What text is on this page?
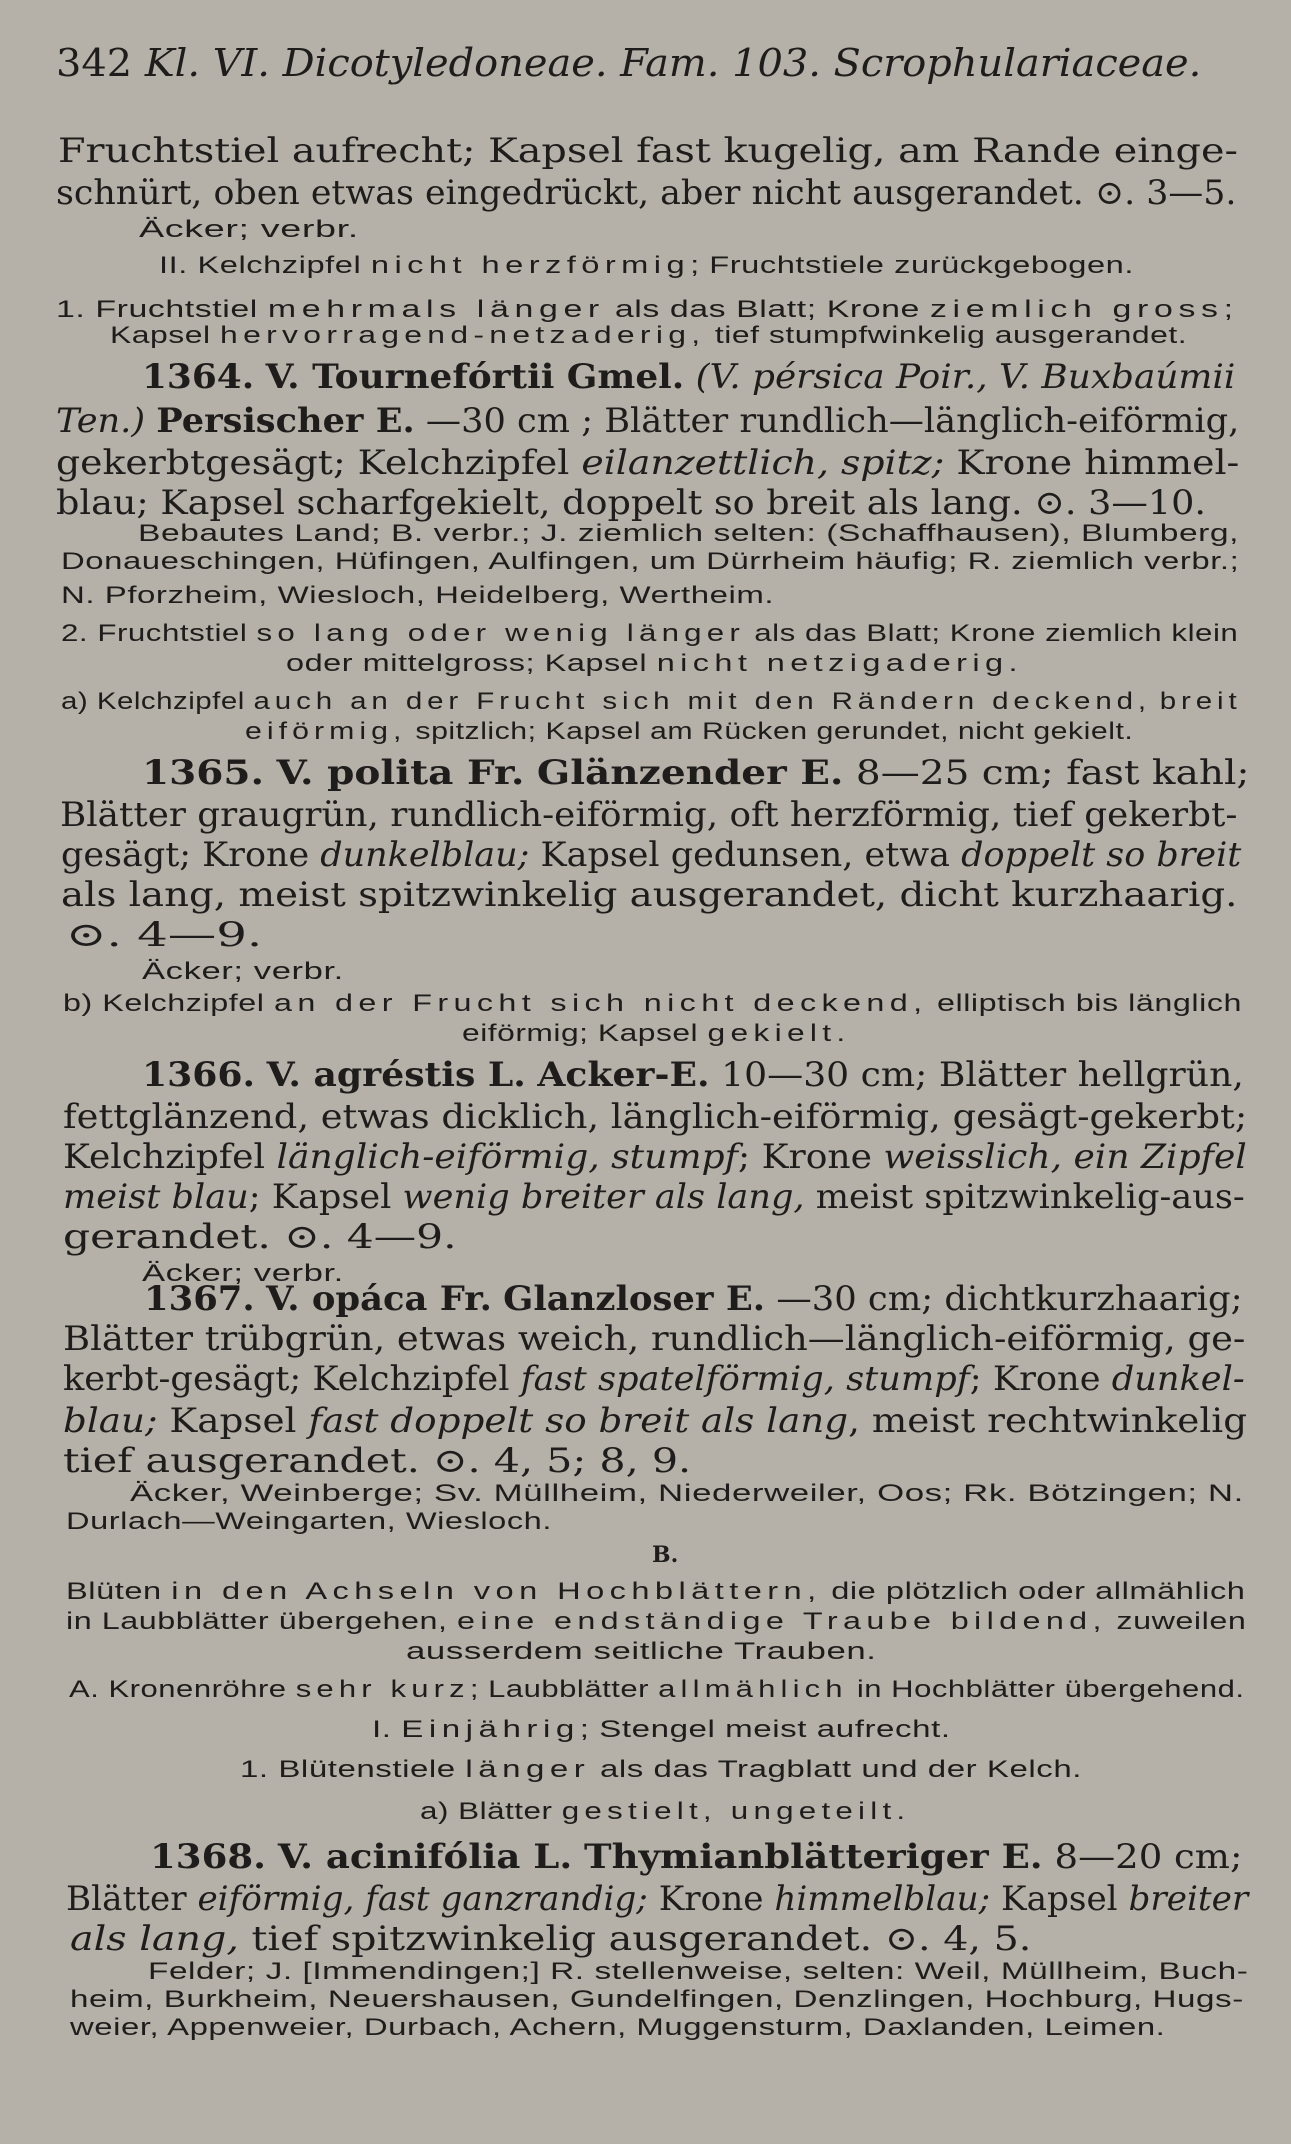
342 Kl. VI. Dicotyledoneae. Fam. 103. Scrophulariaceae.
Fruchtstiel aufrecht; Kapsel fast kugelig, am Rande einge-
schnürt, oben etwas eingedrückt, aber nicht ausgerandet. ⊙. 3—5.
Äcker; verbr.
II. Kelchzipfel nicht herzförmig; Fruchtstiele zurückgebogen.
1. Fruchtstiel mehrmals länger als das Blatt; Krone ziemlich gross;
Kapsel hervorragend-netzaderig, tief stumpfwinkelig ausgerandet.
1364. V. Tournefórtii Gmel. (V. pérsica Poir., V. Buxbaúmii
Ten.) Persischer E. —30 cm ; Blätter rundlich—länglich-eiförmig,
gekerbtgesägt; Kelchzipfel eilanzettlich, spitz; Krone himmel-
blau; Kapsel scharfgekielt, doppelt so breit als lang. ⊙. 3—10.
Bebautes Land; B. verbr.; J. ziemlich selten: (Schaffhausen), Blumberg,
Donaueschingen, Hüfingen, Aulfingen, um Dürrheim häufig; R. ziemlich verbr.;
N. Pforzheim, Wiesloch, Heidelberg, Wertheim.
2. Fruchtstiel so lang oder wenig länger als das Blatt; Krone ziemlich klein
oder mittelgross; Kapsel nicht netzigaderig.
a) Kelchzipfel auch an der Frucht sich mit den Rändern deckend, breit
eiförmig, spitzlich; Kapsel am Rücken gerundet, nicht gekielt.
1365. V. polita Fr. Glänzender E. 8—25 cm; fast kahl;
Blätter graugrün, rundlich-eiförmig, oft herzförmig, tief gekerbt-
gesägt; Krone dunkelblau; Kapsel gedunsen, etwa doppelt so breit
als lang, meist spitzwinkelig ausgerandet, dicht kurzhaarig.
⊙. 4—9.
Äcker; verbr.
b) Kelchzipfel an der Frucht sich nicht deckend, elliptisch bis länglich
eiförmig; Kapsel gekielt.
1366. V. agréstis L. Acker-E. 10—30 cm; Blätter hellgrün,
fettglänzend, etwas dicklich, länglich-eiförmig, gesägt-gekerbt;
Kelchzipfel länglich-eiförmig, stumpf; Krone weisslich, ein Zipfel
meist blau; Kapsel wenig breiter als lang, meist spitzwinkelig-aus-
gerandet. ⊙. 4—9.
Äcker; verbr.
1367. V. opáca Fr. Glanzloser E. —30 cm; dichtkurzhaarig;
Blätter trübgrün, etwas weich, rundlich—länglich-eiförmig, ge-
kerbt-gesägt; Kelchzipfel fast spatelförmig, stumpf; Krone dunkel-
blau; Kapsel fast doppelt so breit als lang, meist rechtwinkelig
tief ausgerandet. ⊙. 4, 5; 8, 9.
Äcker, Weinberge; Sv. Müllheim, Niederweiler, Oos; Rk. Bötzingen; N.
Durlach—Weingarten, Wiesloch.
B.
Blüten in den Achseln von Hochblättern, die plötzlich oder allmählich
in Laubblätter übergehen, eine endständige Traube bildend, zuweilen
ausserdem seitliche Trauben.
A. Kronenröhre sehr kurz; Laubblätter allmählich in Hochblätter übergehend.
I. Einjährig; Stengel meist aufrecht.
1. Blütenstiele länger als das Tragblatt und der Kelch.
a) Blätter gestielt, ungeteilt.
1368. V. acinifólia L. Thymianblätteriger E. 8—20 cm;
Blätter eiförmig, fast ganzrandig; Krone himmelblau; Kapsel breiter
als lang, tief spitzwinkelig ausgerandet. ⊙. 4, 5.
Felder; J. [Immendingen;] R. stellenweise, selten: Weil, Müllheim, Buch-
heim, Burkheim, Neuershausen, Gundelfingen, Denzlingen, Hochburg, Hugs-
weier, Appenweier, Durbach, Achern, Muggensturm, Daxlanden, Leimen.
